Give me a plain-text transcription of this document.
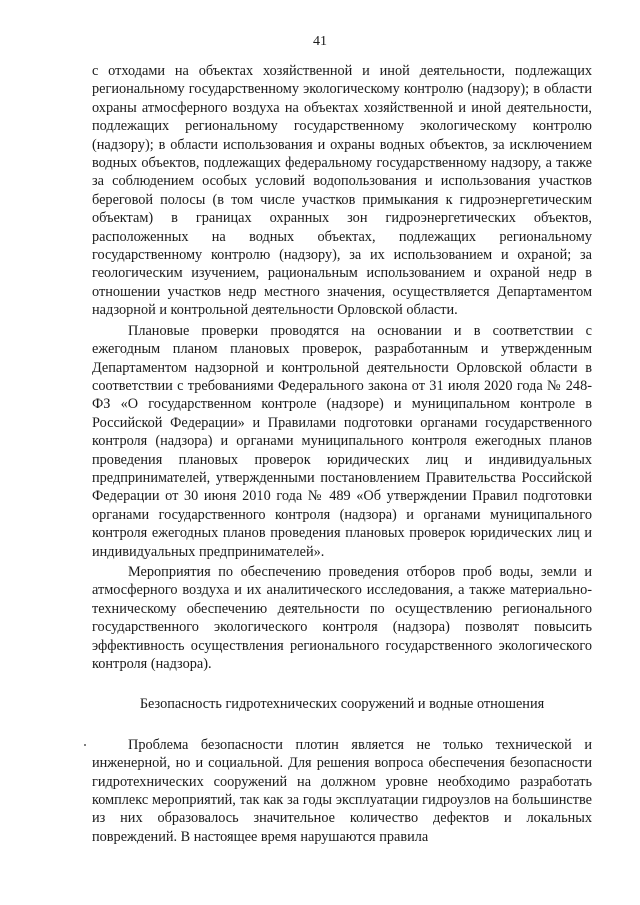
41

с отходами на объектах хозяйственной и иной деятельности, подлежащих региональному государственному экологическому контролю (надзору); в области охраны атмосферного воздуха на объектах хозяйственной и иной деятельности, подлежащих региональному государственному экологическому контролю (надзору); в области использования и охраны водных объектов, за исключением водных объектов, подлежащих федеральному государственному надзору, а также за соблюдением особых условий водопользования и использования участков береговой полосы (в том числе участков примыкания к гидроэнергетическим объектам) в границах охранных зон гидроэнергетических объектов, расположенных на водных объектах, подлежащих региональному государственному контролю (надзору), за их использованием и охраной; за геологическим изучением, рациональным использованием и охраной недр в отношении участков недр местного значения, осуществляется Департаментом надзорной и контрольной деятельности Орловской области.

Плановые проверки проводятся на основании и в соответствии с ежегодным планом плановых проверок, разработанным и утвержденным Департаментом надзорной и контрольной деятельности Орловской области в соответствии с требованиями Федерального закона от 31 июля 2020 года № 248-ФЗ «О государственном контроле (надзоре) и муниципальном контроле в Российской Федерации» и Правилами подготовки органами государственного контроля (надзора) и органами муниципального контроля ежегодных планов проведения плановых проверок юридических лиц и индивидуальных предпринимателей, утвержденными постановлением Правительства Российской Федерации от 30 июня 2010 года № 489 «Об утверждении Правил подготовки органами государственного контроля (надзора) и органами муниципального контроля ежегодных планов проведения плановых проверок юридических лиц и индивидуальных предпринимателей».

Мероприятия по обеспечению проведения отборов проб воды, земли и атмосферного воздуха и их аналитического исследования, а также материально-техническому обеспечению деятельности по осуществлению регионального государственного экологического контроля (надзора) позволят повысить эффективность осуществления регионального государственного экологического контроля (надзора).

Безопасность гидротехнических сооружений и водные отношения

Проблема безопасности плотин является не только технической и инженерной, но и социальной. Для решения вопроса обеспечения безопасности гидротехнических сооружений на должном уровне необходимо разработать комплекс мероприятий, так как за годы эксплуатации гидроузлов на большинстве из них образовалось значительное количество дефектов и локальных повреждений. В настоящее время нарушаются правила
